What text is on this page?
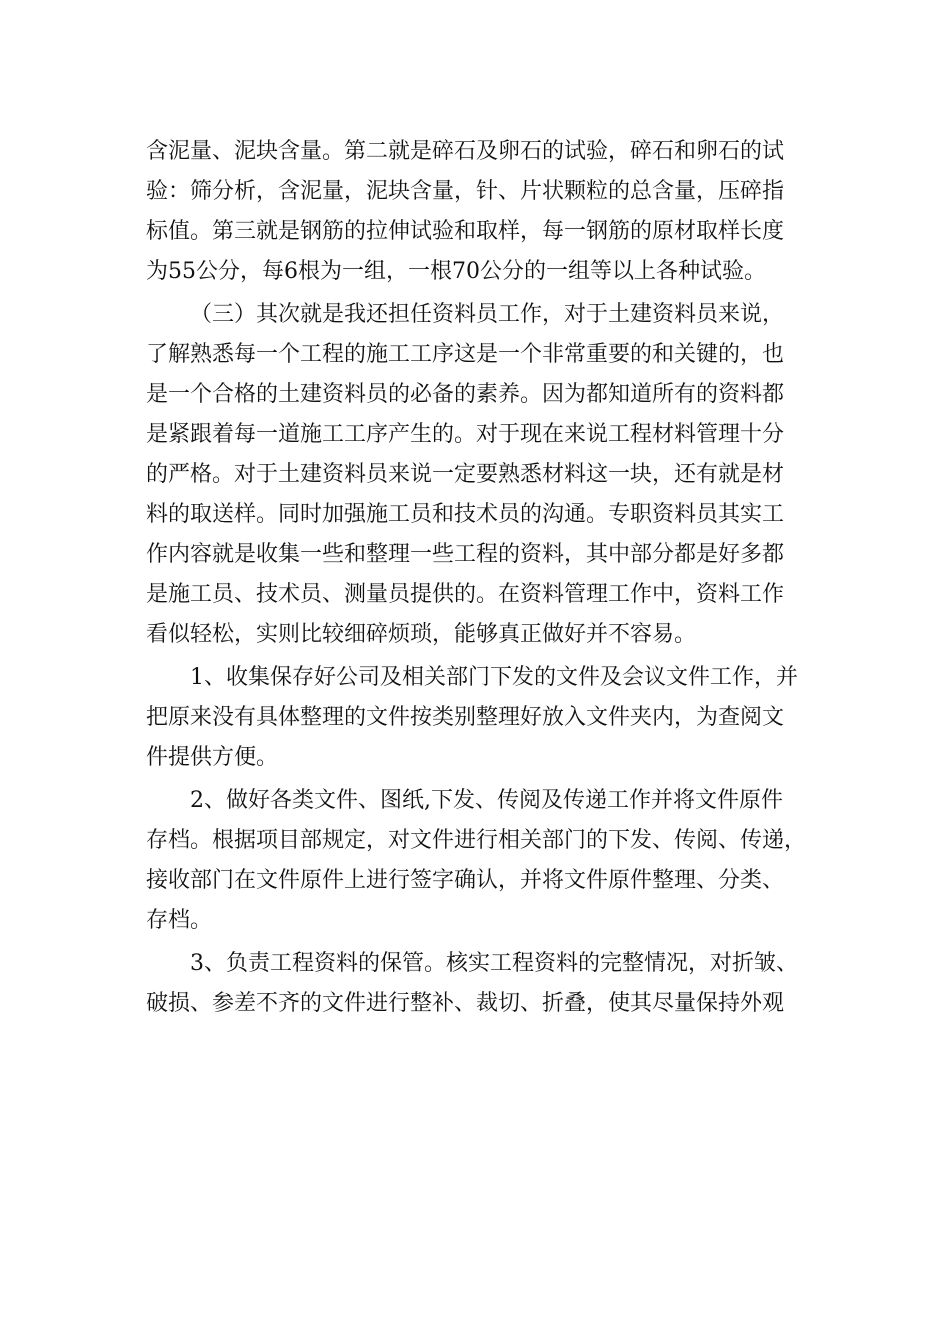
含泥量、泥块含量。第二就是碎石及卵石的试验，碎石和卵石的试
验：筛分析，含泥量，泥块含量，针、片状颗粒的总含量，压碎指
标值。第三就是钢筋的拉伸试验和取样，每一钢筋的原材取样长度
为55公分，每6根为一组，一根70公分的一组等以上各种试验。
（三）其次就是我还担任资料员工作，对于土建资料员来说，
了解熟悉每一个工程的施工工序这是一个非常重要的和关键的，也
是一个合格的土建资料员的必备的素养。因为都知道所有的资料都
是紧跟着每一道施工工序产生的。对于现在来说工程材料管理十分
的严格。对于土建资料员来说一定要熟悉材料这一块，还有就是材
料的取送样。同时加强施工员和技术员的沟通。专职资料员其实工
作内容就是收集一些和整理一些工程的资料，其中部分都是好多都
是施工员、技术员、测量员提供的。在资料管理工作中，资料工作
看似轻松，实则比较细碎烦琐，能够真正做好并不容易。
1、收集保存好公司及相关部门下发的文件及会议文件工作，并
把原来没有具体整理的文件按类别整理好放入文件夹内，为查阅文
件提供方便。
2、做好各类文件、图纸,下发、传阅及传递工作并将文件原件
存档。根据项目部规定，对文件进行相关部门的下发、传阅、传递，
接收部门在文件原件上进行签字确认，并将文件原件整理、分类、
存档。
3、负责工程资料的保管。核实工程资料的完整情况，对折皱、
破损、参差不齐的文件进行整补、裁切、折叠，使其尽量保持外观
